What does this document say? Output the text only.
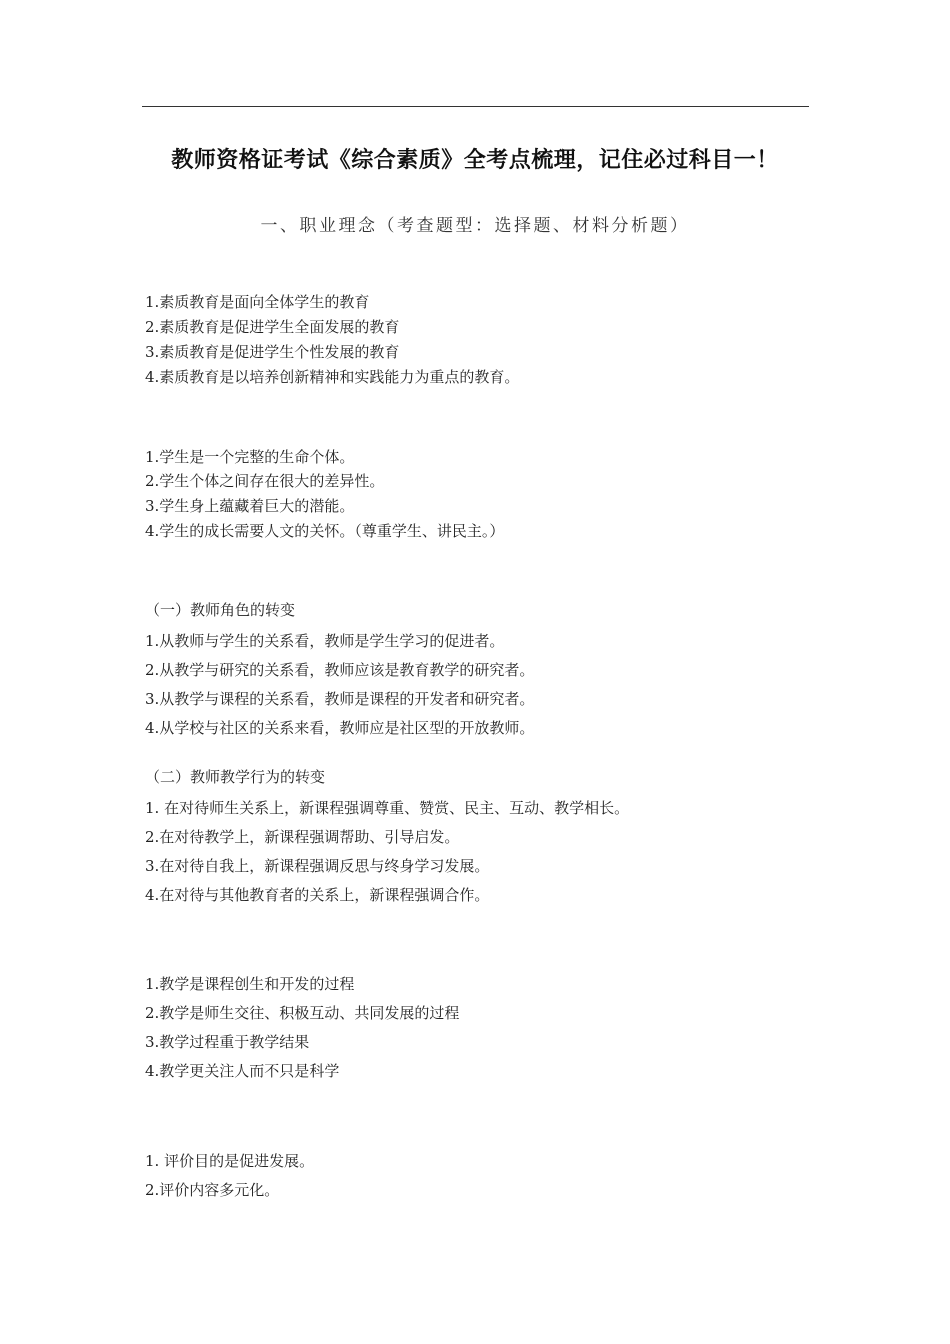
教师资格证考试《综合素质》全考点梳理，记住必过科目一！
一、职业理念（考查题型：选择题、材料分析题）
1.素质教育是面向全体学生的教育
2.素质教育是促进学生全面发展的教育
3.素质教育是促进学生个性发展的教育
4.素质教育是以培养创新精神和实践能力为重点的教育。
1.学生是一个完整的生命个体。
2.学生个体之间存在很大的差异性。
3.学生身上蕴藏着巨大的潜能。
4.学生的成长需要人文的关怀。（尊重学生、讲民主。）
（一）教师角色的转变
1.从教师与学生的关系看，教师是学生学习的促进者。
2.从教学与研究的关系看，教师应该是教育教学的研究者。
3.从教学与课程的关系看，教师是课程的开发者和研究者。
4.从学校与社区的关系来看，教师应是社区型的开放教师。
（二）教师教学行为的转变
1. 在对待师生关系上，新课程强调尊重、赞赏、民主、互动、教学相长。
2.在对待教学上，新课程强调帮助、引导启发。
3.在对待自我上，新课程强调反思与终身学习发展。
4.在对待与其他教育者的关系上，新课程强调合作。
1.教学是课程创生和开发的过程
2.教学是师生交往、积极互动、共同发展的过程
3.教学过程重于教学结果
4.教学更关注人而不只是科学
1. 评价目的是促进发展。
2.评价内容多元化。
